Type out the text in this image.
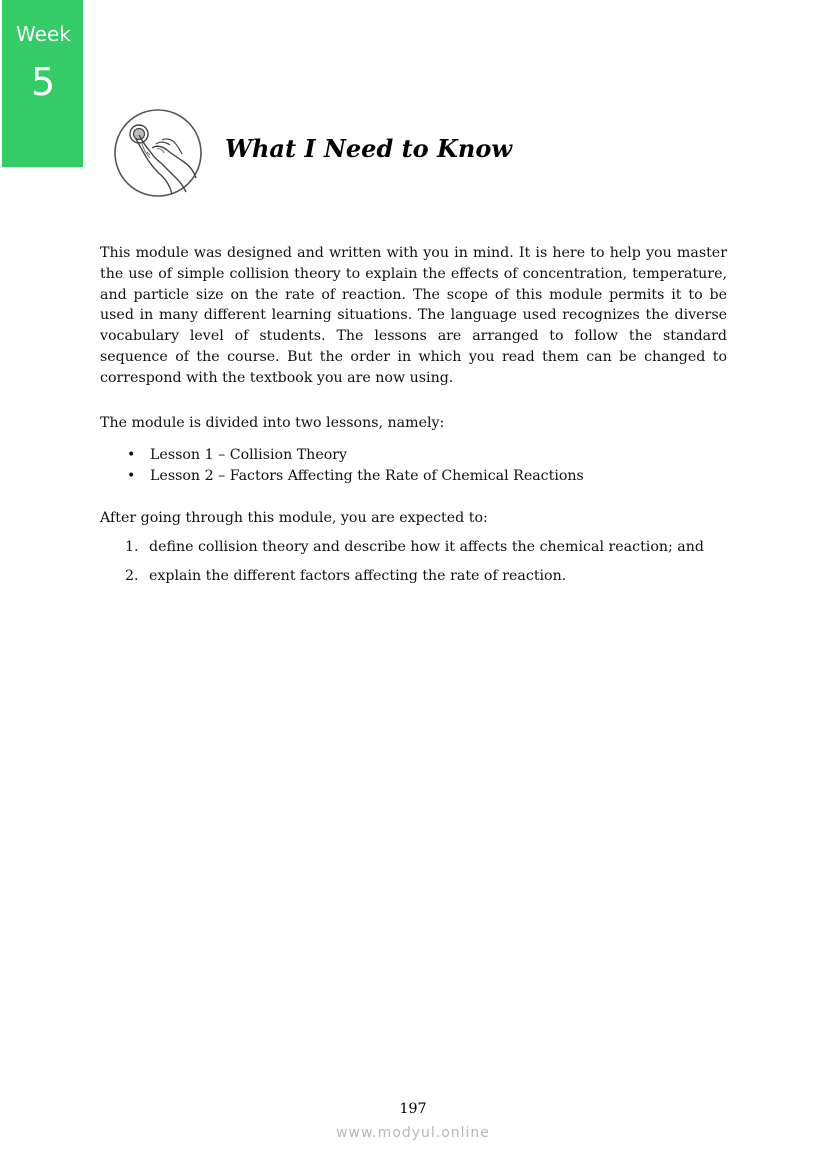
Week
5
What I Need to Know

This module was designed and written with you in mind. It is here to help you master the use of simple collision theory to explain the effects of concentration, temperature, and particle size on the rate of reaction. The scope of this module permits it to be used in many different learning situations. The language used recognizes the diverse vocabulary level of students. The lessons are arranged to follow the standard sequence of the course. But the order in which you read them can be changed to correspond with the textbook you are now using.

The module is divided into two lessons, namely:

• Lesson 1 – Collision Theory
• Lesson 2 – Factors Affecting the Rate of Chemical Reactions

After going through this module, you are expected to:

1. define collision theory and describe how it affects the chemical reaction; and
2. explain the different factors affecting the rate of reaction.
197
www.modyul.online
